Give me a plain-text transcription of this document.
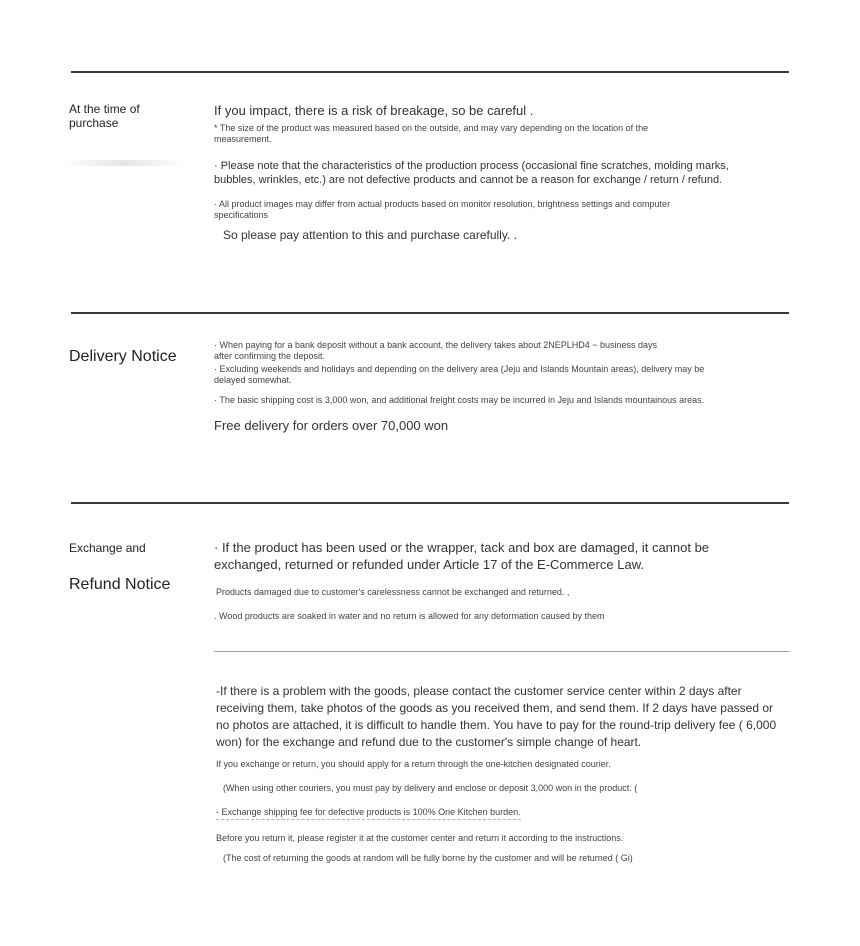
At the time of purchase
If you impact, there is a risk of breakage, so be careful .
* The size of the product was measured based on the outside, and may vary depending on the location of the measurement.
· Please note that the characteristics of the production process (occasional fine scratches, molding marks, bubbles, wrinkles, etc.) are not defective products and cannot be a reason for exchange / return / refund.
· All product images may differ from actual products based on monitor resolution, brightness settings and computer specifications
So please pay attention to this and purchase carefully. .
Delivery Notice
· When paying for a bank deposit without a bank account, the delivery takes about 2NEPLHD4 ~ business days after confirming the deposit.
· Excluding weekends and holidays and depending on the delivery area (Jeju and Islands Mountain areas), delivery may be delayed somewhat.
· The basic shipping cost is 3,000 won, and additional freight costs may be incurred in Jeju and Islands mountainous areas.
Free delivery for orders over 70,000 won
Exchange and
Refund Notice
· If the product has been used or the wrapper, tack and box are damaged, it cannot be exchanged, returned or refunded under Article 17 of the E-Commerce Law.
Products damaged due to customer's carelessness cannot be exchanged and returned. ,
. Wood products are soaked in water and no return is allowed for any deformation caused by them
-If there is a problem with the goods, please contact the customer service center within 2 days after receiving them, take photos of the goods as you received them, and send them. If 2 days have passed or no photos are attached, it is difficult to handle them. You have to pay for the round-trip delivery fee ( 6,000 won) for the exchange and refund due to the customer's simple change of heart.
If you exchange or return, you should apply for a return through the one-kitchen designated courier.
(When using other couriers, you must pay by delivery and enclose or deposit 3,000 won in the product. (
- Exchange shipping fee for defective products is 100% One Kitchen burden.
Before you return it, please register it at the customer center and return it according to the instructions.
(The cost of returning the goods at random will be fully borne by the customer and will be returned ( Gi)
